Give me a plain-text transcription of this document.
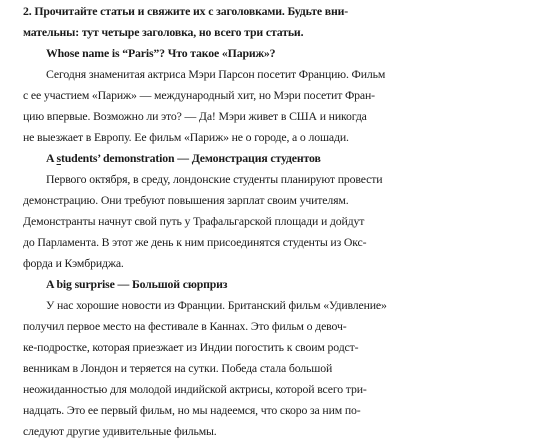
2. Прочитайте статьи и свяжите их с заголовками. Будьте вни-
мательны: тут четыре заголовка, но всего три статьи.
Whose name is “Paris”? Что такое «Париж»?
Сегодня знаменитая актриса Мэри Парсон посетит Францию. Фильм
с ее участием «Париж» — международный хит, но Мэри посетит Фран-
цию впервые. Возможно ли это? — Да! Мэри живет в США и никогда
не выезжает в Европу. Ее фильм «Париж» не о городе, а о лошади.
A students’ demonstration — Демонстрация студентов
Первого октября, в среду, лондонские студенты планируют провести
демонстрацию. Они требуют повышения зарплат своим учителям.
Демонстранты начнут свой путь у Трафальгарской площади и дойдут
до Парламента. В этот же день к ним присоединятся студенты из Окс-
форда и Кэмбриджа.
A big surprise — Большой сюрприз
У нас хорошие новости из Франции. Британский фильм «Удивление»
получил первое место на фестивале в Каннах. Это фильм о девоч-
ке-подростке, которая приезжает из Индии погостить к своим родст-
венникам в Лондон и теряется на сутки. Победа стала большой
неожиданностью для молодой индийской актрисы, которой всего три-
надцать. Это ее первый фильм, но мы надеемся, что скоро за ним по-
следуют другие удивительные фильмы.
